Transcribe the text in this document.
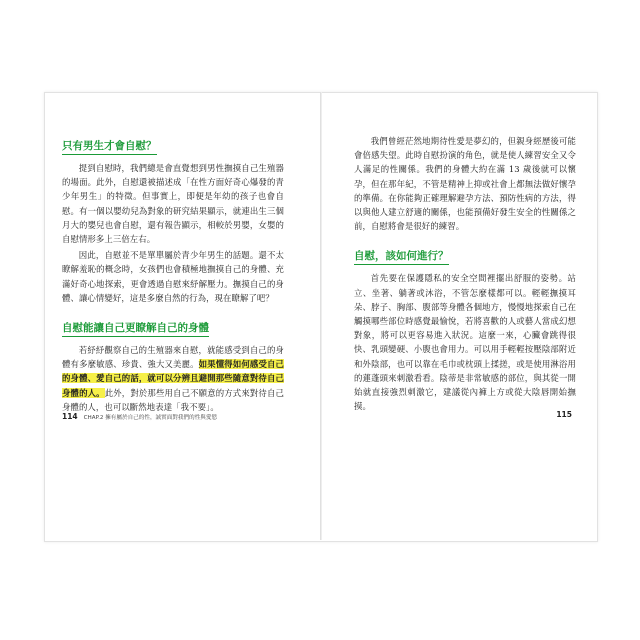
只有男生才會自慰？

提到自慰時，我們總是會直覺想到男性撫摸自己生殖器的場面。此外，自慰還被描述成「在性方面好奇心爆發的青少年男生」的特徵。但事實上，即便是年幼的孩子也會自慰。有一個以嬰幼兒為對象的研究結果顯示，就連出生三個月大的嬰兒也會自慰，還有報告顯示，相較於男嬰，女嬰的自慰情形多上三倍左右。

因此，自慰並不是單單屬於青少年男生的話題。還不太瞭解羞恥的概念時，女孩們也會積極地撫摸自己的身體、充滿好奇心地探索，更會透過自慰來紓解壓力。撫摸自己的身體、讓心情變好，這是多麼自然的行為，現在瞭解了吧？

自慰能讓自己更瞭解自己的身體

若紓紓觀察自己的生殖器來自慰，就能感受到自己的身體有多麼敏感、珍貴、強大又美麗。如果懂得如何感受自己的身體、愛自己的話，就可以分辨且避開那些隨意對待自己身體的人。此外，對於那些用自己不願意的方式來對待自己身體的人，也可以斷然地表達「我不要」。

114 CHAP.2 擁有屬於自己的性，誠實面對我們的性與愛慾

我們曾經茫然地期待性愛是夢幻的，但親身經歷後可能會倍感失望。此時自慰扮演的角色，就是使人練習安全又令人滿足的性關係。我們的身體大約在滿 13 歲後就可以懷孕，但在那年紀，不管是精神上抑或社會上都無法做好懷孕的準備。在你能夠正確理解避孕方法、預防性病的方法，得以與他人建立舒適的關係，也能預備好發生安全的性關係之前，自慰將會是很好的練習。

自慰，該如何進行？

首先要在保護隱私的安全空間裡擺出舒服的姿勢。站立、坐著、躺著或沐浴，不管怎麼樣都可以。輕輕撫摸耳朵、脖子、胸部、腹部等身體各個地方，慢慢地探索自己在觸摸哪些部位時感覺最愉悅，若將喜歡的人或藝人當成幻想對象，將可以更容易進入狀況。這麼一來，心臟會跳得很快、乳頭變硬、小腹也會用力。可以用手輕輕按壓陰部附近和外陰部，也可以靠在毛巾或枕頭上揉搓，或是使用淋浴用的蓮蓬頭來刺激看看。陰蒂是非常敏感的部位，與其從一開始就直接強烈刺激它，建議從內褲上方或從大陰唇開始撫摸。

115
